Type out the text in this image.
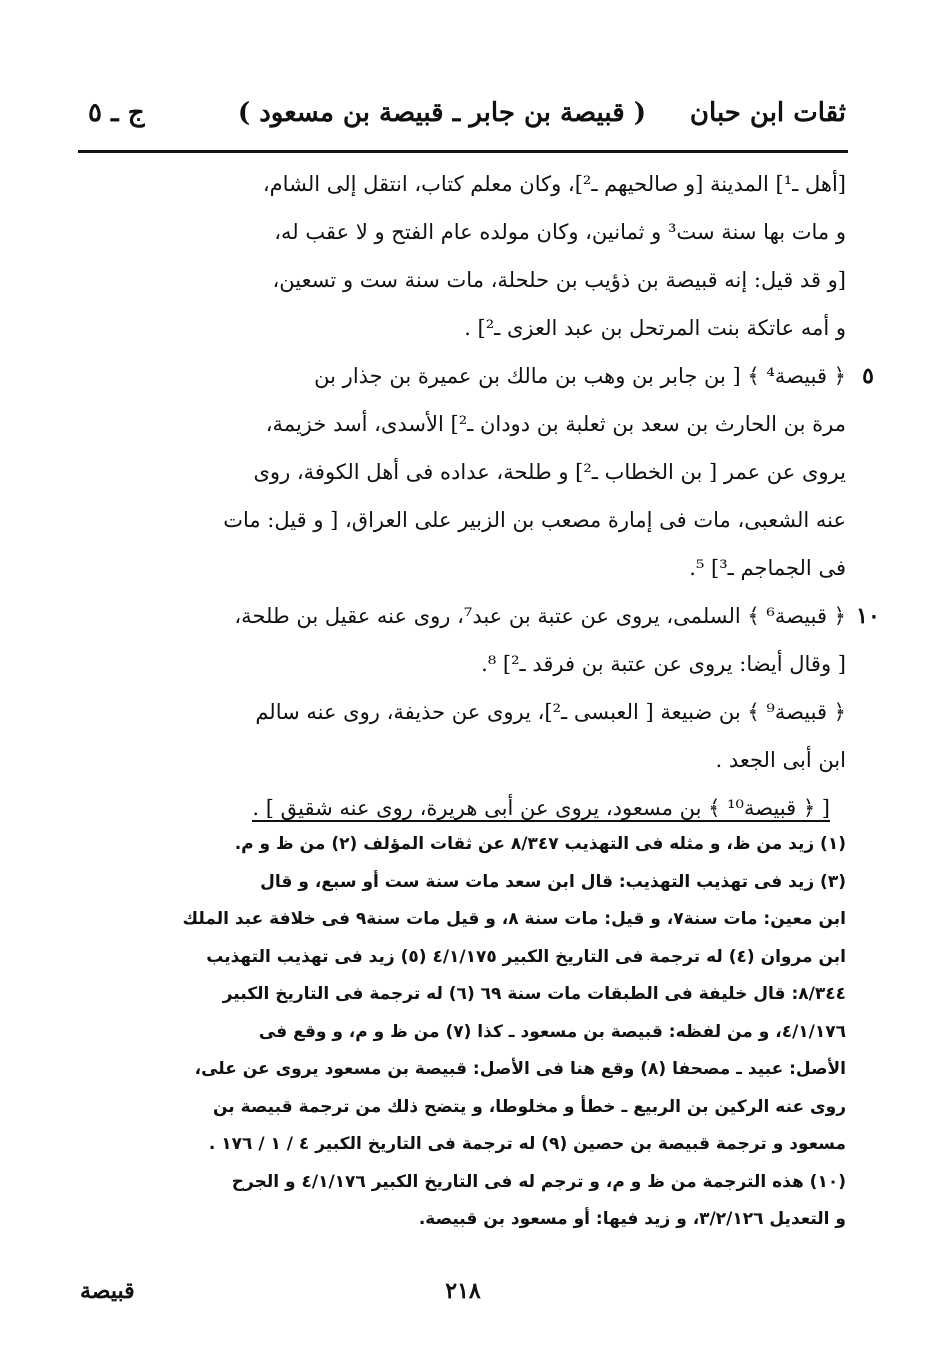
ثقات ابن حبان
( قبيصة بن جابر ـ قبيصة بن مسعود )
ج ـ ٥
[أهل ـ¹] المدينة [و صالحيهم ـ²]، وكان معلم كتاب، انتقل إلى الشام،
و مات بها سنة ست³ و ثمانين، وكان مولده عام الفتح و لا عقب له،
[و قد قيل: إنه قبيصة بن ذؤيب بن حلحلة، مات سنة ست و تسعين،
و أمه عاتكة بنت المرتحل بن عبد العزى ـ²] .
٥
﴿ قبيصة⁴ ﴾ [ بن جابر بن وهب بن مالك بن عميرة بن جذار بن
مرة بن الحارث بن سعد بن ثعلبة بن دودان ـ²] الأسدى، أسد خزيمة،
يروى عن عمر [ بن الخطاب ـ²] و طلحة، عداده فى أهل الكوفة، روى
عنه الشعبى، مات فى إمارة مصعب بن الزبير على العراق، [ و قيل: مات
فى الجماجم ـ³] ⁵.
١٠
﴿ قبيصة⁶ ﴾ السلمى، يروى عن عتبة بن عبد⁷، روى عنه عقيل بن طلحة،
[ وقال أيضا: يروى عن عتبة بن فرقد ـ²] ⁸.
﴿ قبيصة⁹ ﴾ بن ضبيعة [ العبسى ـ²]، يروى عن حذيفة، روى عنه سالم
ابن أبى الجعد .
[ ﴿ قبيصة¹⁰ ﴾ بن مسعود، يروى عن أبى هريرة، روى عنه شقيق ] .
(١) زيد من ظ، و مثله فى التهذيب ٨/٣٤٧ عن ثقات المؤلف (٢) من ظ و م.
(٣) زيد فى تهذيب التهذيب: قال ابن سعد مات سنة ست أو سبع، و قال
ابن معين: مات سنة٧، و قيل: مات سنة ٨، و قيل مات سنة٩ فى خلافة عبد الملك
ابن مروان (٤) له ترجمة فى التاريخ الكبير ٤/١/١٧٥ (٥) زيد فى تهذيب التهذيب
٨/٣٤٤: قال خليفة فى الطبقات مات سنة ٦٩ (٦) له ترجمة فى التاريخ الكبير
٤/١/١٧٦، و من لفظه: قبيصة بن مسعود ـ كذا (٧) من ظ و م، و وقع فى
الأصل: عبيد ـ مصحفا (٨) وقع هنا فى الأصل: قبيصة بن مسعود يروى عن على،
روى عنه الركين بن الربيع ـ خطأ و مخلوطا، و يتضح ذلك من ترجمة قبيصة بن
مسعود و ترجمة قبيصة بن حصين (٩) له ترجمة فى التاريخ الكبير ٤ / ١ / ١٧٦ .
(١٠) هذه الترجمة من ظ و م، و ترجم له فى التاريخ الكبير ٤/١/١٧٦ و الجرح
و التعديل ٣/٢/١٢٦، و زيد فيها: أو مسعود بن قبيصة.
٢١٨
قبيصة
